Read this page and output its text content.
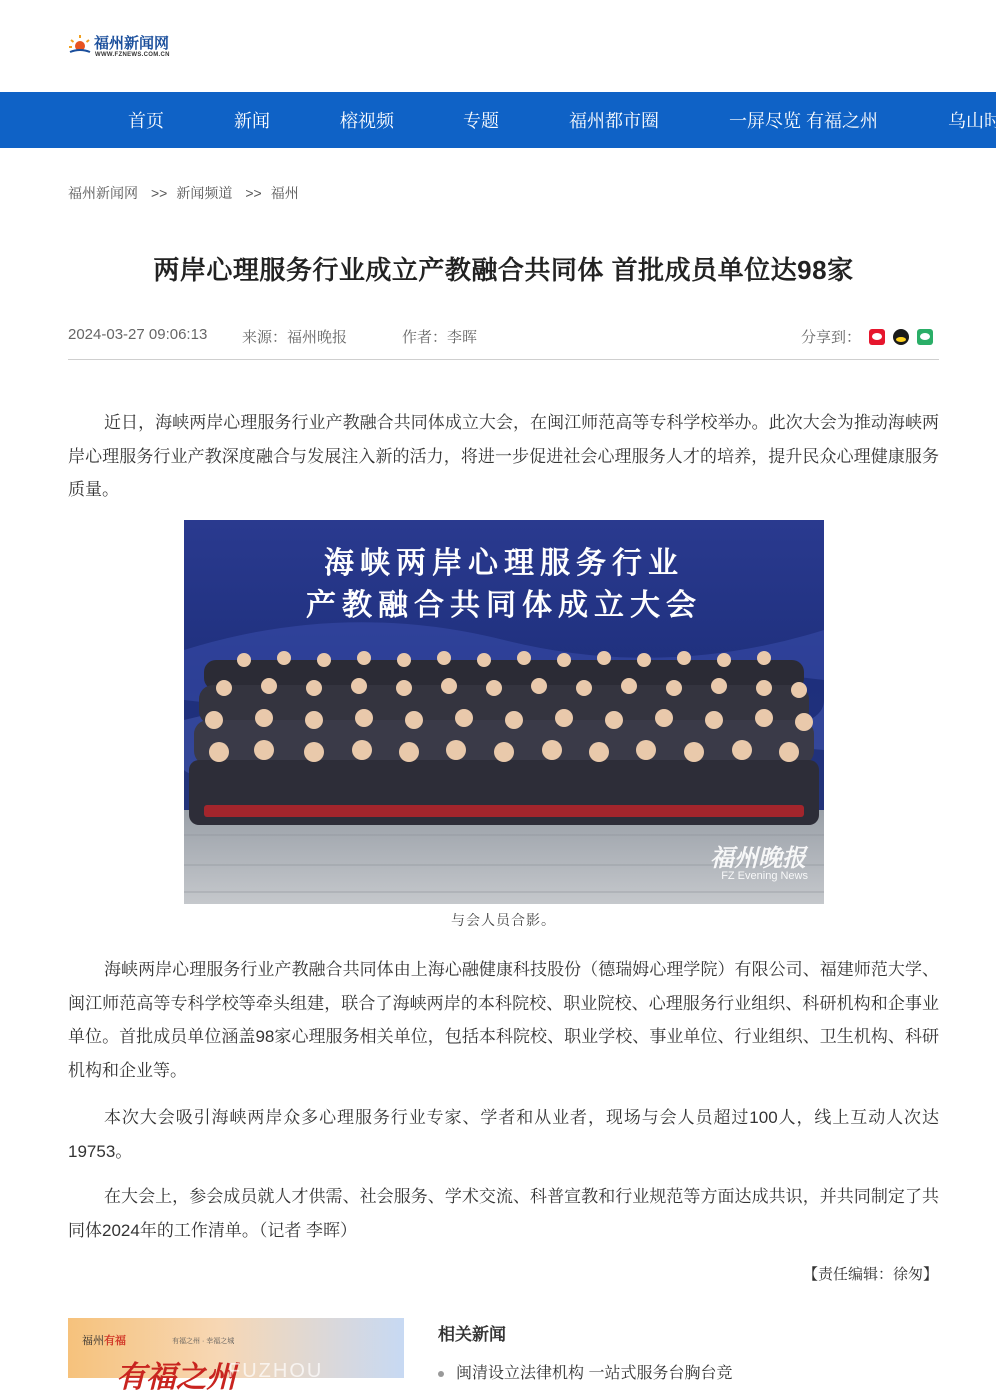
福州新闻网
WWW.FZNEWS.COM.CN
首页	新闻	榕视频	专题	福州都市圈	一屏尽览 有福之州	乌山时
福州新闻网 >> 新闻频道 >> 福州
两岸心理服务行业成立产教融合共同体 首批成员单位达98家
2024-03-27 09:06:13 来源：福州晚报	作者：李晖	分享到：

近日，海峡两岸心理服务行业产教融合共同体成立大会，在闽江师范高等专科学校举办。此次大会为推动海峡两岸心理服务行业产教深度融合与发展注入新的活力，将进一步促进社会心理服务人才的培养，提升民众心理健康服务质量。

海峡两岸心理服务行业
产教融合共同体成立大会
福州晚报
FZ Evening News
与会人员合影。

海峡两岸心理服务行业产教融合共同体由上海心融健康科技股份（德瑞姆心理学院）有限公司、福建师范大学、闽江师范高等专科学校等牵头组建，联合了海峡两岸的本科院校、职业院校、心理服务行业组织、科研机构和企事业单位。首批成员单位涵盖98家心理服务相关单位，包括本科院校、职业学校、事业单位、行业组织、卫生机构、科研机构和企业等。

本次大会吸引海峡两岸众多心理服务行业专家、学者和从业者，现场与会人员超过100人，线上互动人次达19753。

在大会上，参会成员就人才供需、社会服务、学术交流、科普宣教和行业规范等方面达成共识，并共同制定了共同体2024年的工作清单。（记者 李晖）

【责任编辑：徐匆】
福州有福	有福之州 · 幸福之城
有福之州
FUZHOU
相关新闻
闽清设立法律机构 一站式服务台胸台竞
